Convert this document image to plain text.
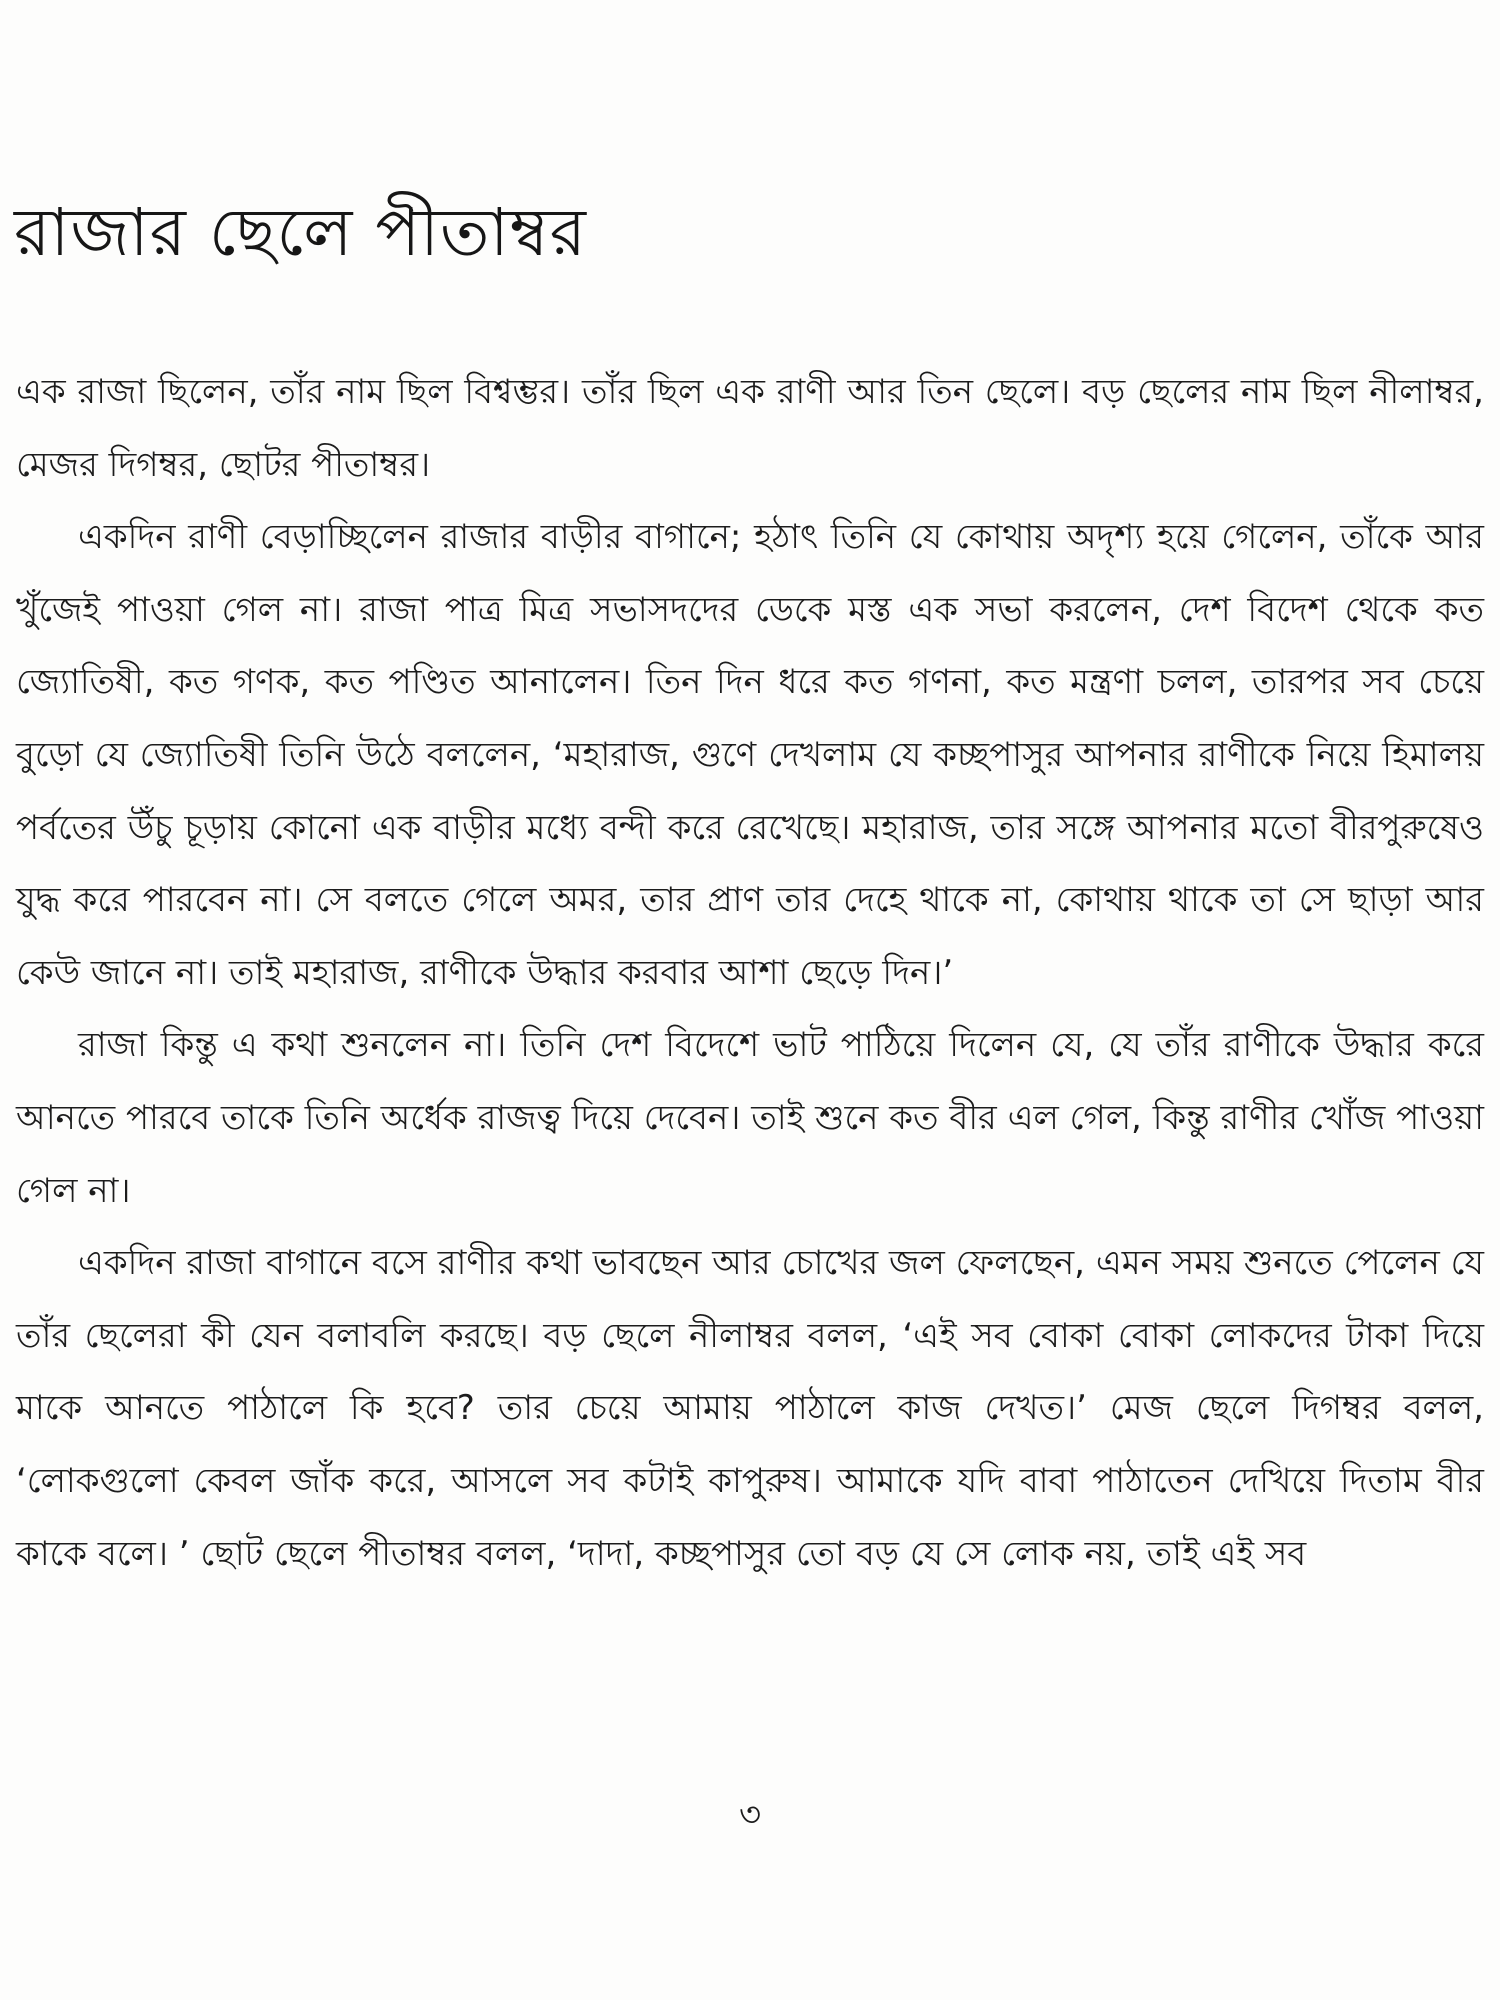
রাজার ছেলে পীতাম্বর

এক রাজা ছিলেন, তাঁর নাম ছিল বিশ্বম্ভর। তাঁর ছিল এক রাণী আর তিন ছেলে। বড় ছেলের নাম ছিল নীলাম্বর, মেজর দিগম্বর, ছোটর পীতাম্বর।

একদিন রাণী বেড়াচ্ছিলেন রাজার বাড়ীর বাগানে; হঠাৎ তিনি যে কোথায় অদৃশ্য হয়ে গেলেন, তাঁকে আর খুঁজেই পাওয়া গেল না। রাজা পাত্র মিত্র সভাসদদের ডেকে মস্ত এক সভা করলেন, দেশ বিদেশ থেকে কত জ্যোতিষী, কত গণক, কত পণ্ডিত আনালেন। তিন দিন ধরে কত গণনা, কত মন্ত্রণা চলল, তারপর সব চেয়ে বুড়ো যে জ্যোতিষী তিনি উঠে বললেন, ‘মহারাজ, গুণে দেখলাম যে কচ্ছপাসুর আপনার রাণীকে নিয়ে হিমালয় পর্বতের উঁচু চূড়ায় কোনো এক বাড়ীর মধ্যে বন্দী করে রেখেছে। মহারাজ, তার সঙ্গে আপনার মতো বীরপুরুষেও যুদ্ধ করে পারবেন না। সে বলতে গেলে অমর, তার প্রাণ তার দেহে থাকে না, কোথায় থাকে তা সে ছাড়া আর কেউ জানে না। তাই মহারাজ, রাণীকে উদ্ধার করবার আশা ছেড়ে দিন।’

রাজা কিন্তু এ কথা শুনলেন না। তিনি দেশ বিদেশে ভাট পাঠিয়ে দিলেন যে, যে তাঁর রাণীকে উদ্ধার করে আনতে পারবে তাকে তিনি অর্ধেক রাজত্ব দিয়ে দেবেন। তাই শুনে কত বীর এল গেল, কিন্তু রাণীর খোঁজ পাওয়া গেল না।

একদিন রাজা বাগানে বসে রাণীর কথা ভাবছেন আর চোখের জল ফেলছেন, এমন সময় শুনতে পেলেন যে তাঁর ছেলেরা কী যেন বলাবলি করছে। বড় ছেলে নীলাম্বর বলল, ‘এই সব বোকা বোকা লোকদের টাকা দিয়ে মাকে আনতে পাঠালে কি হবে? তার চেয়ে আমায় পাঠালে কাজ দেখত।’ মেজ ছেলে দিগম্বর বলল, ‘লোকগুলো কেবল জাঁক করে, আসলে সব কটাই কাপুরুষ। আমাকে যদি বাবা পাঠাতেন দেখিয়ে দিতাম বীর কাকে বলে। ’ ছোট ছেলে পীতাম্বর বলল, ‘দাদা, কচ্ছপাসুর তো বড় যে সে লোক নয়, তাই এই সব

৩
